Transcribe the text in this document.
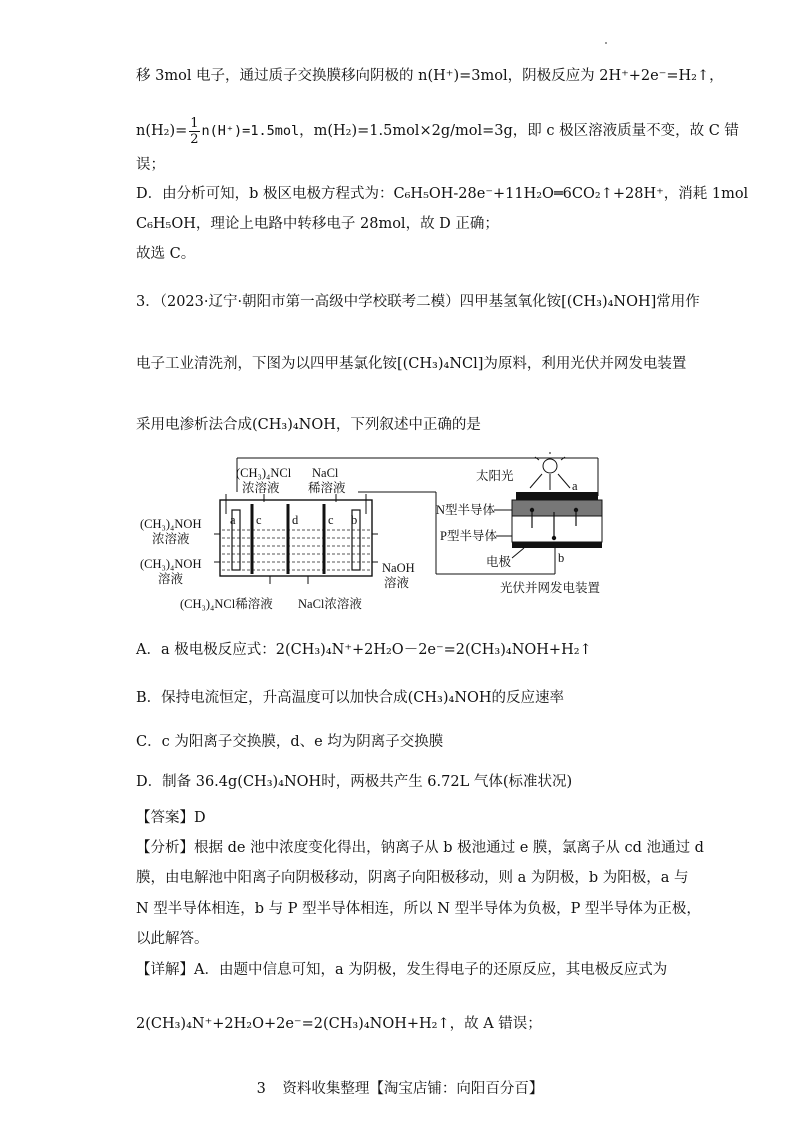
移 3mol 电子，通过质子交换膜移向阴极的 n(H⁺)=3mol，阴极反应为 2H⁺+2e⁻=H₂↑，
$n(H_2)= \frac{1}{2} n(H^+)=1.5mol$，m(H₂)=1.5mol×2g/mol=3g，即 c 极区溶液质量不变，故 C 错
误；
D．由分析可知，b 极区电极方程式为：C₆H₅OH-28e⁻+11H₂O═6CO₂↑+28H⁺，消耗 1mol
C₆H₅OH，理论上电路中转移电子 28mol，故 D 正确；
故选 C。
3．（2023·辽宁·朝阳市第一高级中学校联考二模）四甲基氢氧化铵[(CH₃)₄NOH]常用作
电子工业清洗剂，下图为以四甲基氯化铵[(CH₃)₄NCl]为原料，利用光伏并网发电装置
采用电渗析法合成(CH₃)₄NOH，下列叙述中正确的是
(CH₃)₄NCl
浓溶液
NaCl
稀溶液
a c d c b
(CH₃)₄NOH
浓溶液
(CH₃)₄NOH
溶液
NaOH
溶液
(CH₃)₄NCl稀溶液 NaCl浓溶液
太阳光
a
N型半导体
P型半导体
电极	b
光伏并网发电装置
A．a 极电极反应式：2(CH₃)₄N⁺+2H₂O－2e⁻=2(CH₃)₄NOH+H₂↑
B．保持电流恒定，升高温度可以加快合成(CH₃)₄NOH的反应速率
C．c 为阳离子交换膜，d、e 均为阴离子交换膜
D．制备 36.4g(CH₃)₄NOH时，两极共产生 6.72L 气体(标准状况)
【答案】D
【分析】根据 de 池中浓度变化得出，钠离子从 b 极池通过 e 膜，氯离子从 cd 池通过 d
膜，由电解池中阳离子向阴极移动，阴离子向阳极移动，则 a 为阴极，b 为阳极，a 与
N 型半导体相连，b 与 P 型半导体相连，所以 N 型半导体为负极，P 型半导体为正极，
以此解答。
【详解】A．由题中信息可知，a 为阴极，发生得电子的还原反应，其电极反应式为
2(CH₃)₄N⁺+2H₂O+2e⁻=2(CH₃)₄NOH+H₂↑，故 A 错误；
3 资料收集整理【淘宝店铺：向阳百分百】
